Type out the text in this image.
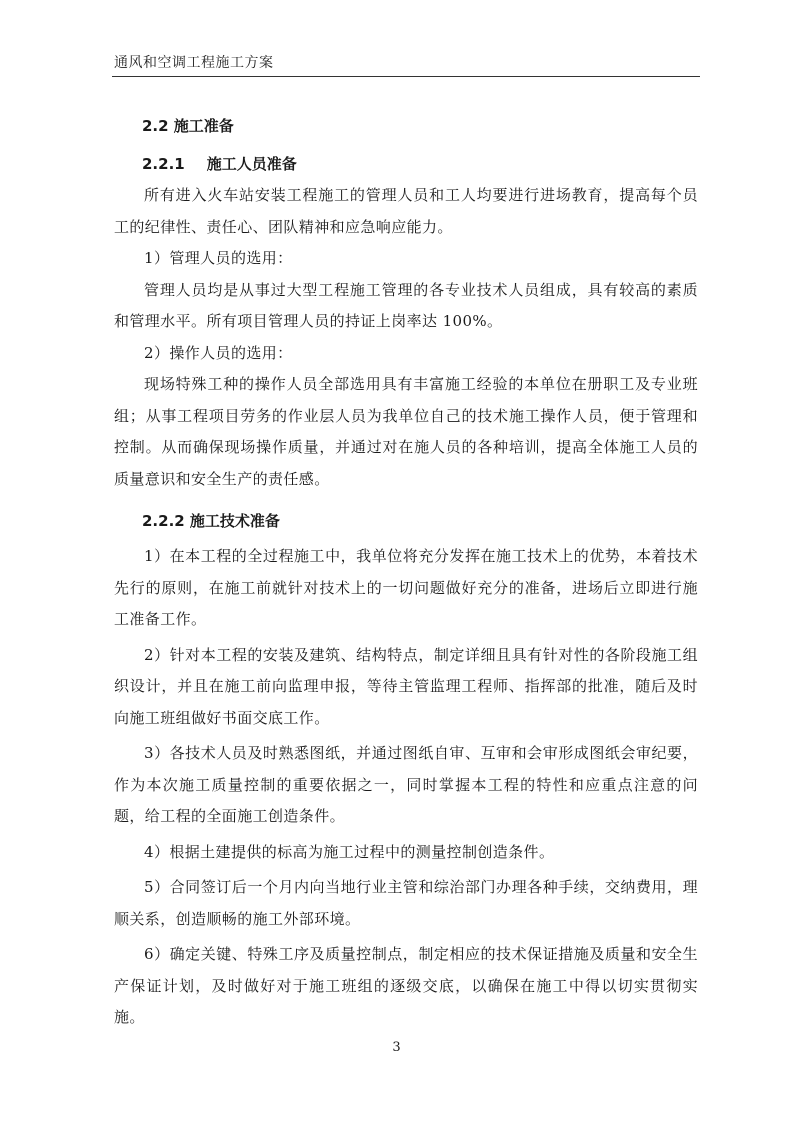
通风和空调工程施工方案
2.2 施工准备
2.2.1 施工人员准备

所有进入火车站安装工程施工的管理人员和工人均要进行进场教育，提高每个员工的纪律性、责任心、团队精神和应急响应能力。

1）管理人员的选用：

管理人员均是从事过大型工程施工管理的各专业技术人员组成，具有较高的素质和管理水平。所有项目管理人员的持证上岗率达 100%。

2）操作人员的选用：

现场特殊工种的操作人员全部选用具有丰富施工经验的本单位在册职工及专业班组；从事工程项目劳务的作业层人员为我单位自己的技术施工操作人员，便于管理和控制。从而确保现场操作质量，并通过对在施人员的各种培训，提高全体施工人员的质量意识和安全生产的责任感。

2.2.2 施工技术准备

1）在本工程的全过程施工中，我单位将充分发挥在施工技术上的优势，本着技术先行的原则，在施工前就针对技术上的一切问题做好充分的准备，进场后立即进行施工准备工作。

2）针对本工程的安装及建筑、结构特点，制定详细且具有针对性的各阶段施工组织设计，并且在施工前向监理申报，等待主管监理工程师、指挥部的批准，随后及时向施工班组做好书面交底工作。

3）各技术人员及时熟悉图纸，并通过图纸自审、互审和会审形成图纸会审纪要，作为本次施工质量控制的重要依据之一，同时掌握本工程的特性和应重点注意的问题，给工程的全面施工创造条件。

4）根据土建提供的标高为施工过程中的测量控制创造条件。

5）合同签订后一个月内向当地行业主管和综治部门办理各种手续，交纳费用，理顺关系，创造顺畅的施工外部环境。

6）确定关键、特殊工序及质量控制点，制定相应的技术保证措施及质量和安全生产保证计划，及时做好对于施工班组的逐级交底，以确保在施工中得以切实贯彻实施。

3
